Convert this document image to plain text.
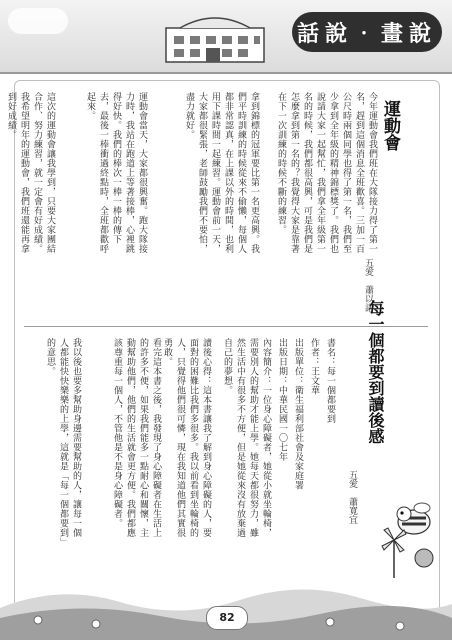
話說‧畫說
運動會
五愛　蕭以諾
今年運動會我們班在大隊接力得了第一名，趕到這個消息全班歡喜。三加一百公尺時兩個同學也得了第一名，我們至少拿到全年級的精神錦標獎了。我們也說請大家一起幫忙，我們拿全年級第一名的時候，我們都很高興，可是我們是怎麼拿到第一名的？我覺得大家是靠著在下一次訓練的時候不斷的練習。
拿到錦標的冠軍要比第一名更高興。我們平時訓練的時候從來不偷懶，每個人都非常認真，在上課以外的時間，也利用下課時間一起練習。運動會前一天，大家都很緊張，老師鼓勵我們不要怕，盡力就好。
運動會當天，大家都很興奮。跑大隊接力時，我站在跑道上等著接棒，心裡跳得好快。我們的棒次一棒一棒的傳下去，最後一棒衝過終點時，全班都歡呼起來。
這次的運動會讓我學到，只要大家團結合作、努力練習，就一定會有好成績。我希望明年的運動會，我們班還能再拿到好成績。
每一個都要到讀後感
五愛　蕭寬宜
書名：每一個都要到
作者：王文華
出版單位：衛生福利部社會及家庭署
出版日期：中華民國一〇七年
內容簡介：一位身心障礙者，她從小就坐輪椅，需要別人的幫助才能上學。她每天都很努力，雖然生活中有很多不方便，但是她從來沒有放棄過自己的夢想。
讀後心得：這本書讓我了解到身心障礙的人，要面對的困難比我們多很多。我以前看到坐輪椅的人，只覺得他們很可憐，現在我知道他們其實很勇敢。
看完這本書之後，我發現了身心障礙者在生活上的許多不便，如果我們能多一點耐心和關懷，主動幫助他們，他們的生活就會更方便。我們都應該尊重每一個人，不管他是不是身心障礙者。
我以後也要多幫助身邊需要幫助的人，讓每一個人都能快快樂樂的上學，這就是「每一個都要到」的意思。
82
